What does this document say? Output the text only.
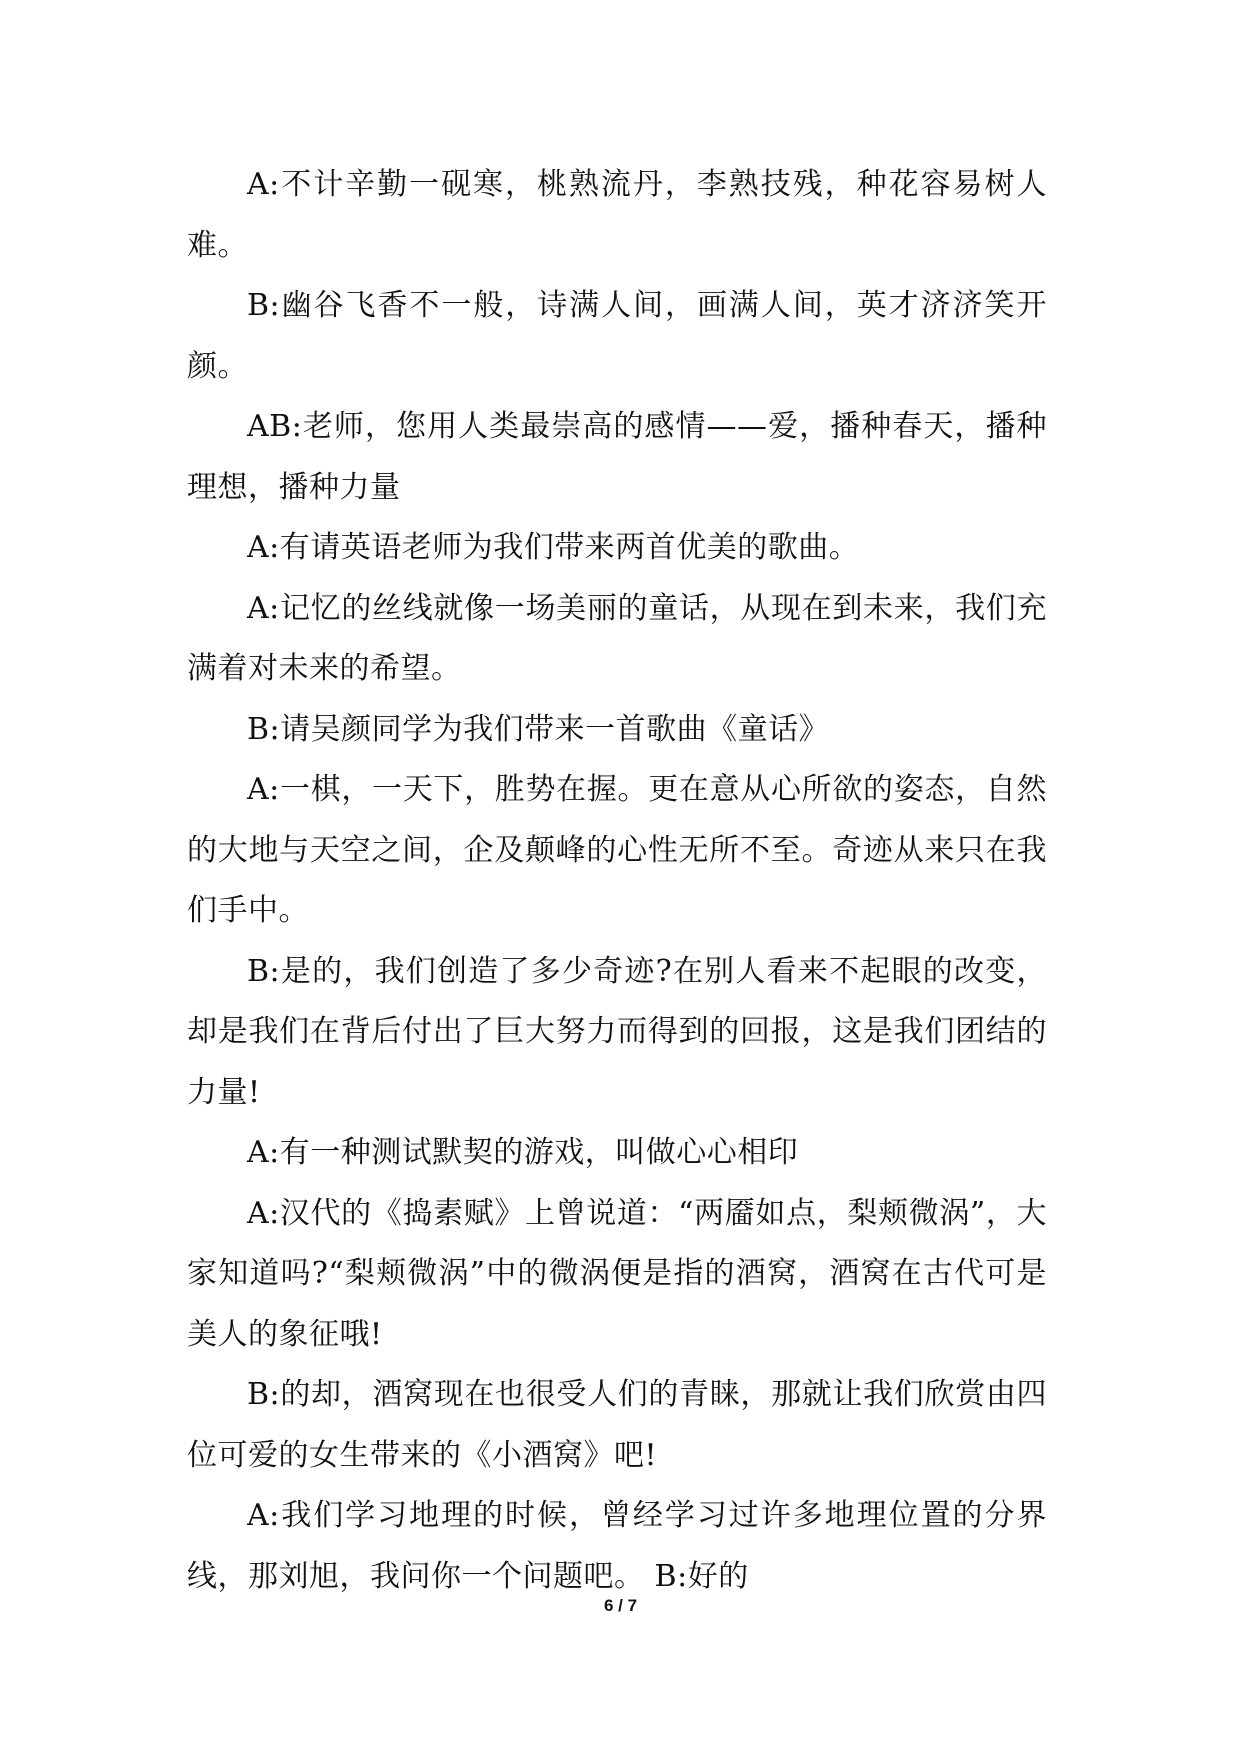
A:不计辛勤一砚寒，桃熟流丹，李熟技残，种花容易树人难。

B:幽谷飞香不一般，诗满人间，画满人间，英才济济笑开颜。

AB:老师，您用人类最崇高的感情——爱，播种春天，播种理想，播种力量

A:有请英语老师为我们带来两首优美的歌曲。

A:记忆的丝线就像一场美丽的童话，从现在到未来，我们充满着对未来的希望。

B:请吴颜同学为我们带来一首歌曲《童话》

A:一棋，一天下，胜势在握。更在意从心所欲的姿态，自然的大地与天空之间，企及颠峰的心性无所不至。奇迹从来只在我们手中。

B:是的，我们创造了多少奇迹?在别人看来不起眼的改变，却是我们在背后付出了巨大努力而得到的回报，这是我们团结的力量!

A:有一种测试默契的游戏，叫做心心相印

A:汉代的《捣素赋》上曾说道：“两靥如点，梨颊微涡”，大家知道吗?“梨颊微涡”中的微涡便是指的酒窝，酒窝在古代可是美人的象征哦!

B:的却，酒窝现在也很受人们的青睐，那就让我们欣赏由四位可爱的女生带来的《小酒窝》吧!

A:我们学习地理的时候，曾经学习过许多地理位置的分界线，那刘旭，我问你一个问题吧。 B:好的

6 / 7
